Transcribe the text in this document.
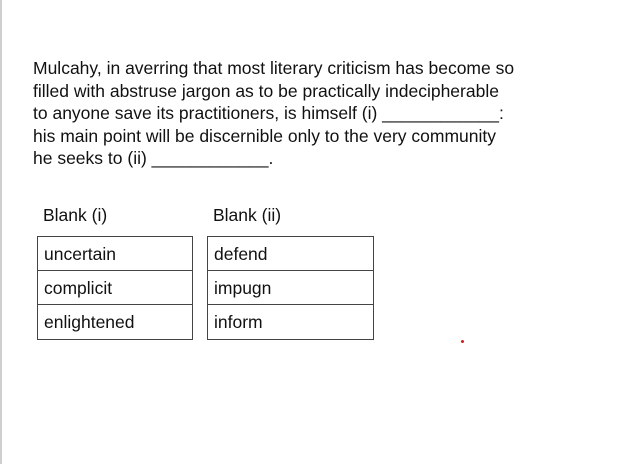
Mulcahy, in averring that most literary criticism has become so
filled with abstruse jargon as to be practically indecipherable
to anyone save its practitioners, is himself (i) ____________:
his main point will be discernible only to the very community
he seeks to (ii) ____________.
Blank (i)
uncertain
complicit
enlightened
Blank (ii)
defend
impugn
inform
